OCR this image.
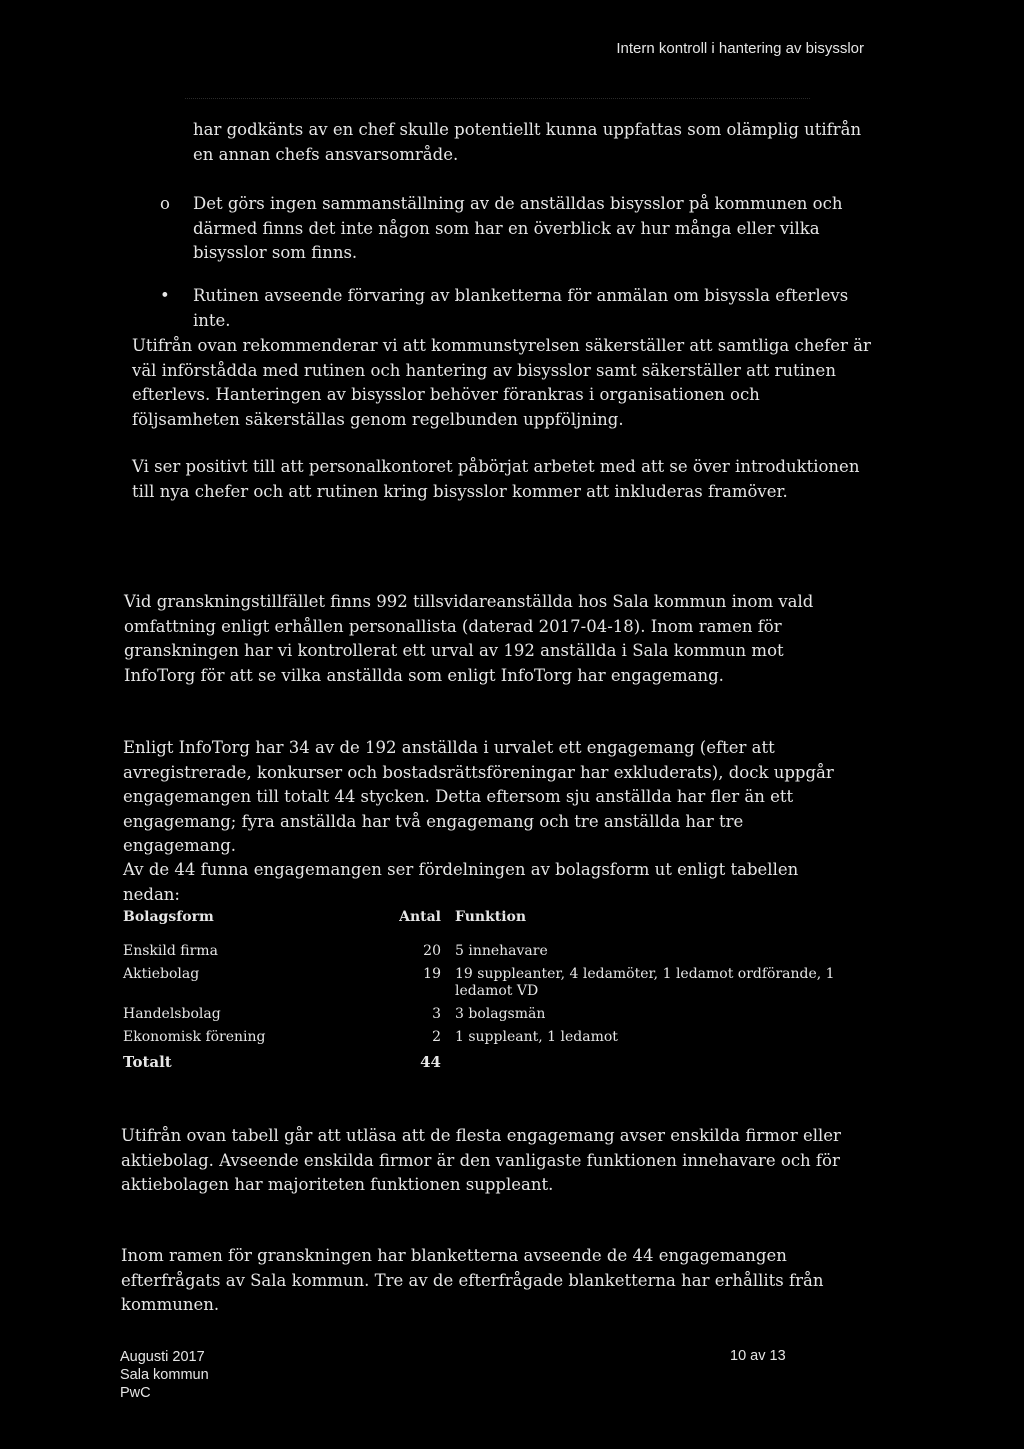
Intern kontroll i hantering av bisysslor

har godkänts av en chef skulle potentiellt kunna uppfattas som olämplig utifrån en annan chefs ansvarsområde.

o	Det görs ingen sammanställning av de anställdas bisysslor på kommunen och därmed finns det inte någon som har en överblick av hur många eller vilka bisysslor som finns.
•	Rutinen avseende förvaring av blanketterna för anmälan om bisyssla efterlevs inte.

Utifrån ovan rekommenderar vi att kommunstyrelsen säkerställer att samtliga chefer är väl införstådda med rutinen och hantering av bisysslor samt säkerställer att rutinen efterlevs. Hanteringen av bisysslor behöver förankras i organisationen och följsamheten säkerställas genom regelbunden uppföljning.

Vi ser positivt till att personalkontoret påbörjat arbetet med att se över introduktionen till nya chefer och att rutinen kring bisysslor kommer att inkluderas framöver.

Vid granskningstillfället finns 992 tillsvidareanställda hos Sala kommun inom vald omfattning enligt erhållen personallista (daterad 2017-04-18). Inom ramen för granskningen har vi kontrollerat ett urval av 192 anställda i Sala kommun mot InfoTorg för att se vilka anställda som enligt InfoTorg har engagemang.

Enligt InfoTorg har 34 av de 192 anställda i urvalet ett engagemang (efter att avregistrerade, konkurser och bostadsrättsföreningar har exkluderats), dock uppgår engagemangen till totalt 44 stycken. Detta eftersom sju anställda har fler än ett engagemang; fyra anställda har två engagemang och tre anställda har tre engagemang.

Av de 44 funna engagemangen ser fördelningen av bolagsform ut enligt tabellen nedan:

Bolagsform	Antal	Funktion
Enskild firma	20	5 innehavare
Aktiebolag	19	19 suppleanter, 4 ledamöter, 1 ledamot ordförande, 1 ledamot VD
Handelsbolag	3	3 bolagsmän
Ekonomisk förening	2	1 suppleant, 1 ledamot
Totalt	44	

Utifrån ovan tabell går att utläsa att de flesta engagemang avser enskilda firmor eller aktiebolag. Avseende enskilda firmor är den vanligaste funktionen innehavare och för aktiebolagen har majoriteten funktionen suppleant.

Inom ramen för granskningen har blanketterna avseende de 44 engagemangen efterfrågats av Sala kommun. Tre av de efterfrågade blanketterna har erhållits från kommunen.

Augusti 2017
Sala kommun
PwC
10 av 13
